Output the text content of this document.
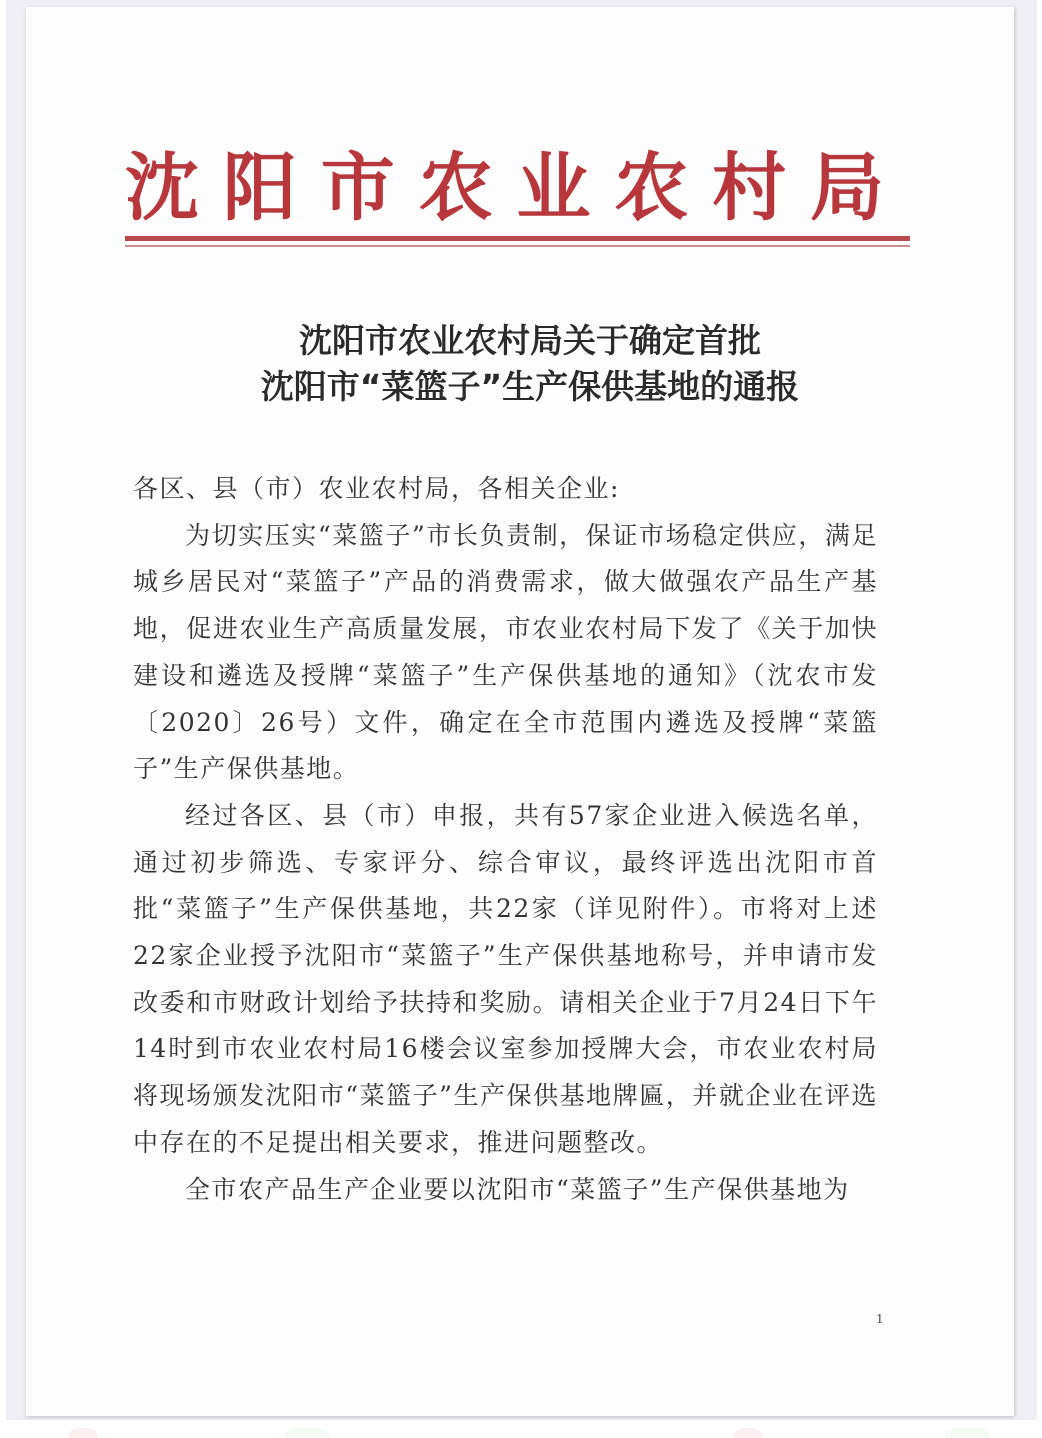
沈阳市农业农村局
沈阳市农业农村局关于确定首批
沈阳市“菜篮子”生产保供基地的通报

各区、县（市）农业农村局，各相关企业:

为切实压实“菜篮子”市长负责制，保证市场稳定供应，满足城乡居民对“菜篮子”产品的消费需求，做大做强农产品生产基地，促进农业生产高质量发展，市农业农村局下发了《关于加快建设和遴选及授牌“菜篮子”生产保供基地的通知》（沈农市发〔2020〕26号）文件，确定在全市范围内遴选及授牌“菜篮子”生产保供基地。

经过各区、县（市）申报，共有57家企业进入候选名单，通过初步筛选、专家评分、综合审议，最终评选出沈阳市首批“菜篮子”生产保供基地，共22家（详见附件）。市将对上述22家企业授予沈阳市“菜篮子”生产保供基地称号，并申请市发改委和市财政计划给予扶持和奖励。请相关企业于7月24日下午14时到市农业农村局16楼会议室参加授牌大会，市农业农村局将现场颁发沈阳市“菜篮子”生产保供基地牌匾，并就企业在评选中存在的不足提出相关要求，推进问题整改。

全市农产品生产企业要以沈阳市“菜篮子”生产保供基地为

1
